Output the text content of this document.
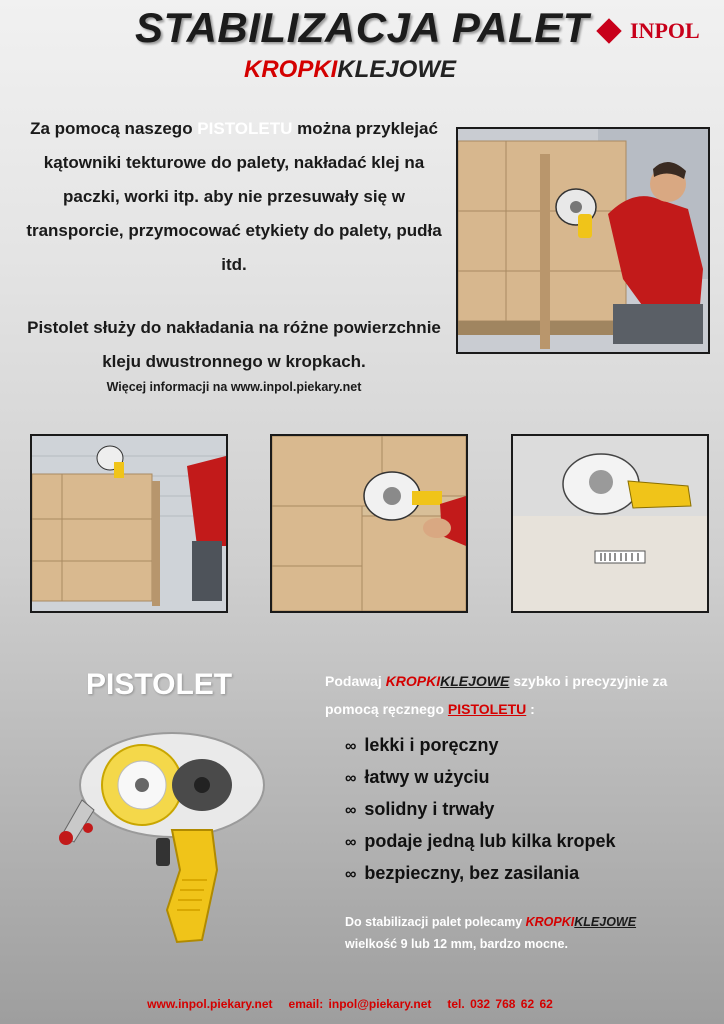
STABILIZACJA PALET	INPOL
KROPKIKLEJOWE
Za pomocą naszego PISTOLETU można przyklejać kątowniki tekturowe do palety, nakładać klej na paczki, worki itp. aby nie przesuwały się w transporcie, przymocować etykiety do palety, pudła itd.
Pistolet służy do nakładania na różne powierzchnie kleju dwustronnego w kropkach.
Więcej informacji na www.inpol.piekary.net
PISTOLET	Podawaj KROPKIKLEJOWE szybko i precyzyjnie za pomocą ręcznego PISTOLETU :
∞ lekki i poręczny
∞ łatwy w użyciu
∞ solidny i trwały
∞ podaje jedną lub kilka kropek
∞ bezpieczny, bez zasilania
Do stabilizacji palet polecamy KROPKIKLEJOWE
wielkość 9 lub 12 mm, bardzo mocne.
www.inpol.piekary.net email: inpol@piekary.net tel. 032 768 62 62
